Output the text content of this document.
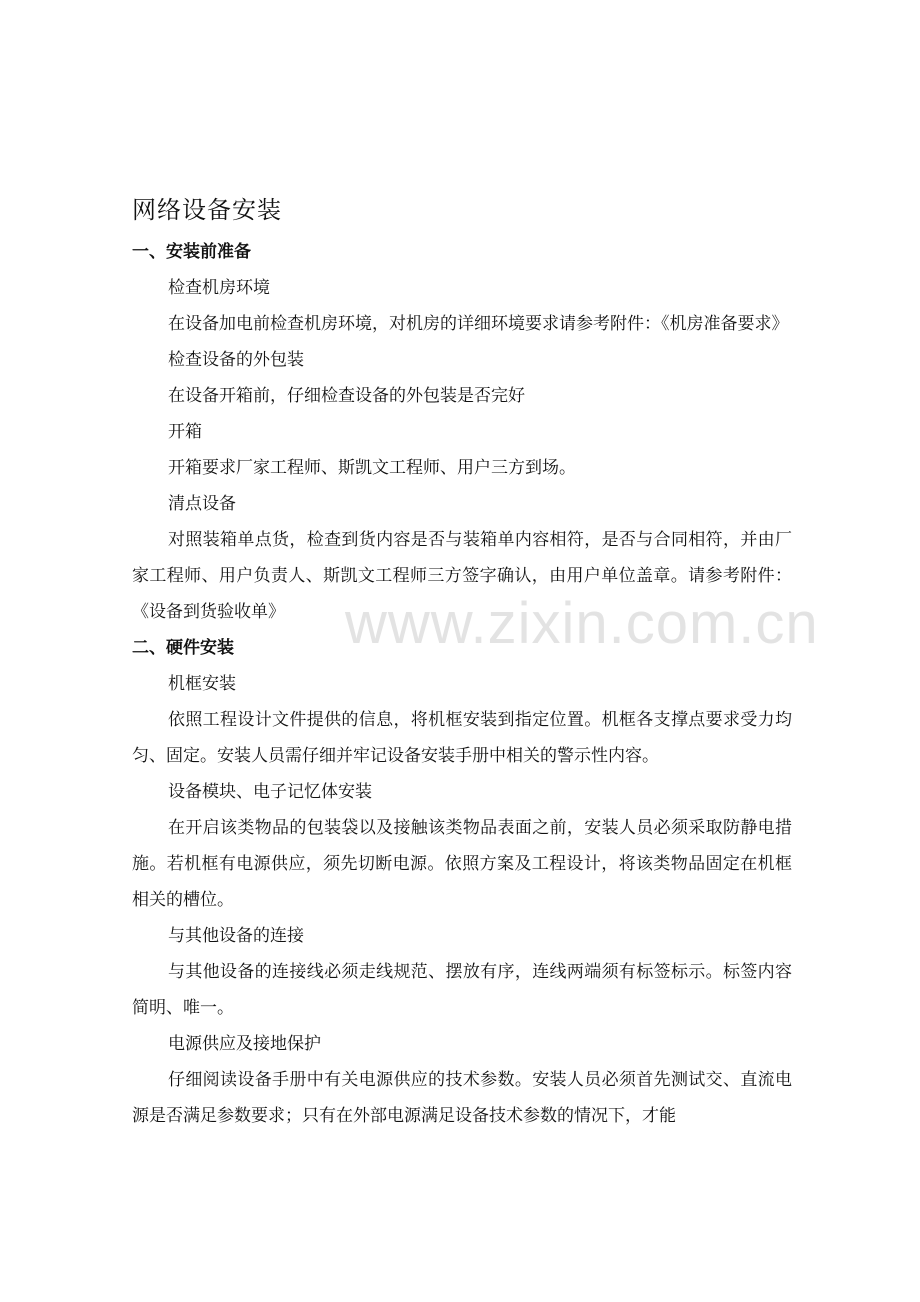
www.zixin.com.cn
网络设备安装

一、安装前准备

检查机房环境

在设备加电前检查机房环境，对机房的详细环境要求请参考附件：《机房准备要求》

检查设备的外包装

在设备开箱前，仔细检查设备的外包装是否完好

开箱

开箱要求厂家工程师、斯凯文工程师、用户三方到场。

清点设备

对照装箱单点货，检查到货内容是否与装箱单内容相符，是否与合同相符，并由厂家工程师、用户负责人、斯凯文工程师三方签字确认，由用户单位盖章。请参考附件：《设备到货验收单》

二、硬件安装

机框安装

依照工程设计文件提供的信息，将机框安装到指定位置。机框各支撑点要求受力均匀、固定。安装人员需仔细并牢记设备安装手册中相关的警示性内容。

设备模块、电子记忆体安装

在开启该类物品的包装袋以及接触该类物品表面之前，安装人员必须采取防静电措施。若机框有电源供应，须先切断电源。依照方案及工程设计，将该类物品固定在机框相关的槽位。

与其他设备的连接

与其他设备的连接线必须走线规范、摆放有序，连线两端须有标签标示。标签内容简明、唯一。

电源供应及接地保护

仔细阅读设备手册中有关电源供应的技术参数。安装人员必须首先测试交、直流电源是否满足参数要求；只有在外部电源满足设备技术参数的情况下，才能
